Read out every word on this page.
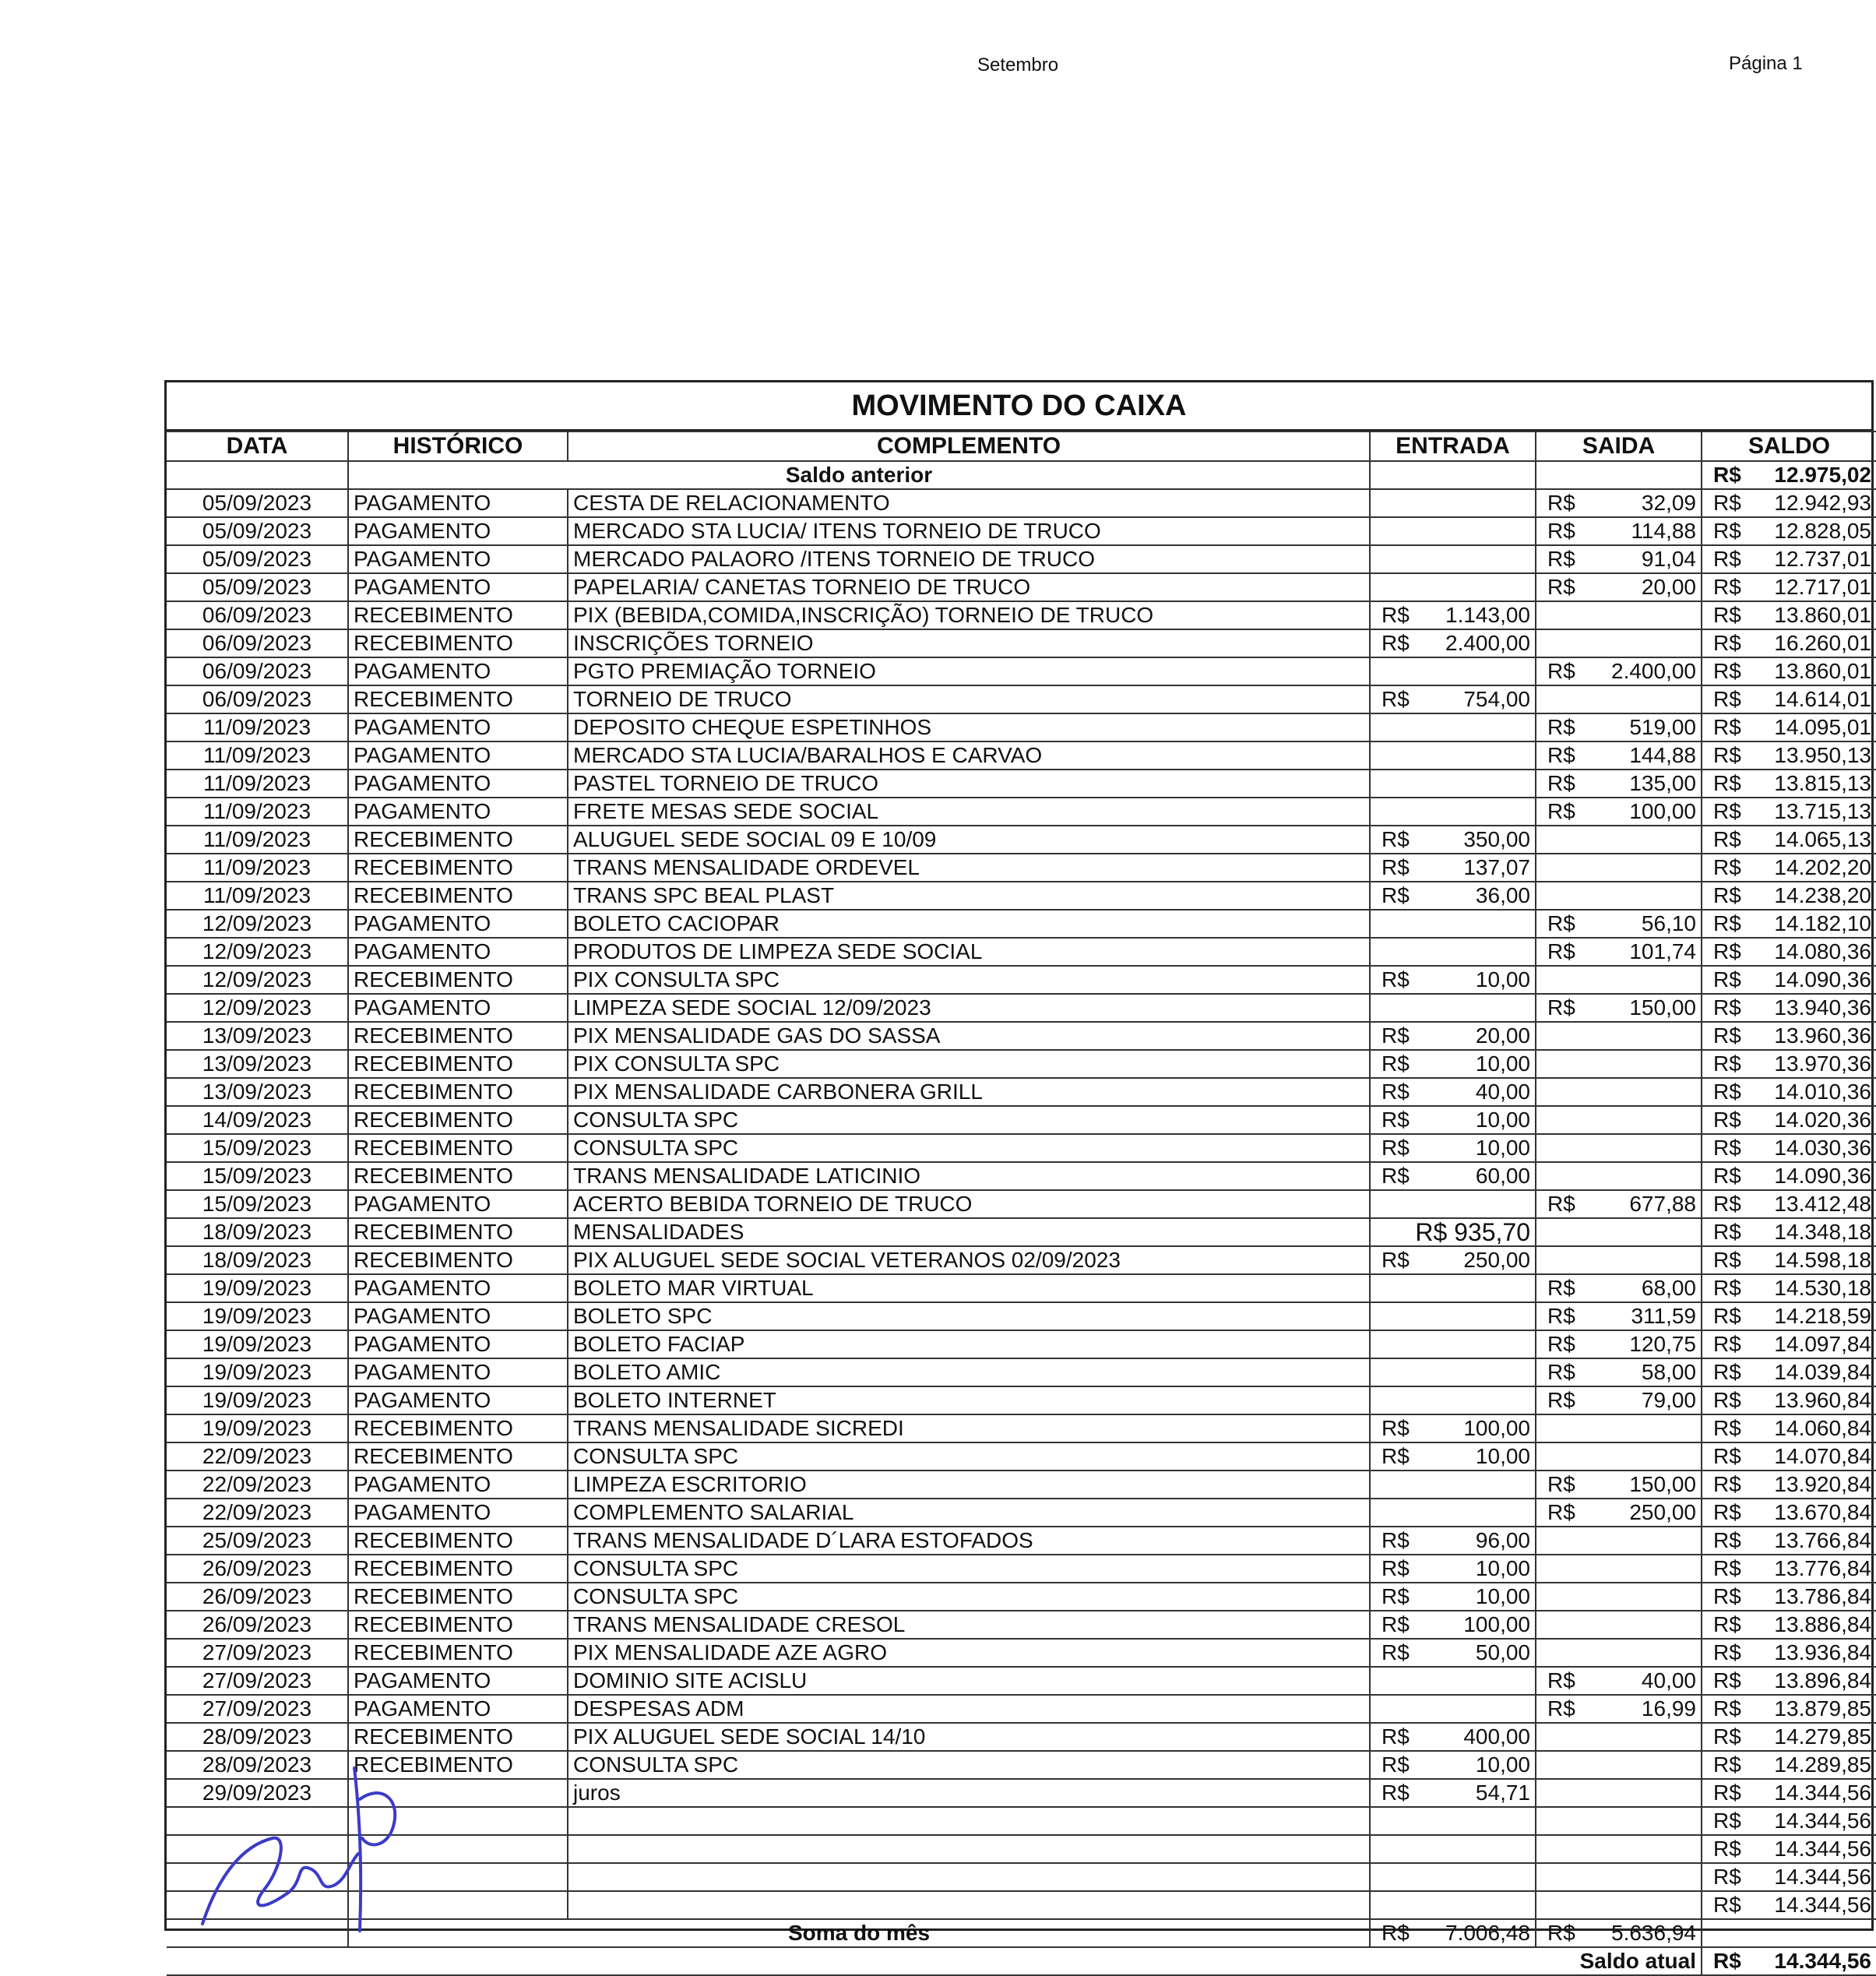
Setembro	Página 1
MOVIMENTO DO CAIXA
DATA	HISTÓRICO	COMPLEMENTO	ENTRADA	SAIDA	SALDO
	Saldo anterior				R$ 12.975,02

05/09/2023	PAGAMENTO	CESTA DE RELACIONAMENTO		R$ 32,09	R$ 12.942,93

05/09/2023	PAGAMENTO	MERCADO STA LUCIA/ ITENS TORNEIO DE TRUCO		R$ 114,88	R$ 12.828,05

05/09/2023	PAGAMENTO	MERCADO PALAORO /ITENS TORNEIO DE TRUCO		R$ 91,04	R$ 12.737,01

05/09/2023	PAGAMENTO	PAPELARIA/ CANETAS TORNEIO DE TRUCO		R$ 20,00	R$ 12.717,01

06/09/2023	RECEBIMENTO	PIX (BEBIDA,COMIDA,INSCRIÇÃO) TORNEIO DE TRUCO	R$ 1.143,00		R$ 13.860,01

06/09/2023	RECEBIMENTO	INSCRIÇÕES TORNEIO	R$ 2.400,00		R$ 16.260,01

06/09/2023	PAGAMENTO	PGTO PREMIAÇÃO TORNEIO		R$ 2.400,00	R$ 13.860,01

06/09/2023	RECEBIMENTO	TORNEIO DE TRUCO	R$ 754,00		R$ 14.614,01

11/09/2023	PAGAMENTO	DEPOSITO CHEQUE ESPETINHOS		R$ 519,00	R$ 14.095,01

11/09/2023	PAGAMENTO	MERCADO STA LUCIA/BARALHOS E CARVAO		R$ 144,88	R$ 13.950,13

11/09/2023	PAGAMENTO	PASTEL TORNEIO DE TRUCO		R$ 135,00	R$ 13.815,13

11/09/2023	PAGAMENTO	FRETE MESAS SEDE SOCIAL		R$ 100,00	R$ 13.715,13

11/09/2023	RECEBIMENTO	ALUGUEL SEDE SOCIAL 09 E 10/09	R$ 350,00		R$ 14.065,13

11/09/2023	RECEBIMENTO	TRANS MENSALIDADE ORDEVEL	R$ 137,07		R$ 14.202,20

11/09/2023	RECEBIMENTO	TRANS SPC BEAL PLAST	R$ 36,00		R$ 14.238,20

12/09/2023	PAGAMENTO	BOLETO CACIOPAR		R$ 56,10	R$ 14.182,10

12/09/2023	PAGAMENTO	PRODUTOS DE LIMPEZA SEDE SOCIAL		R$ 101,74	R$ 14.080,36

12/09/2023	RECEBIMENTO	PIX CONSULTA SPC	R$ 10,00		R$ 14.090,36

12/09/2023	PAGAMENTO	LIMPEZA SEDE SOCIAL 12/09/2023		R$ 150,00	R$ 13.940,36

13/09/2023	RECEBIMENTO	PIX MENSALIDADE GAS DO SASSA	R$ 20,00		R$ 13.960,36

13/09/2023	RECEBIMENTO	PIX CONSULTA SPC	R$ 10,00		R$ 13.970,36

13/09/2023	RECEBIMENTO	PIX MENSALIDADE CARBONERA GRILL	R$ 40,00		R$ 14.010,36

14/09/2023	RECEBIMENTO	CONSULTA SPC	R$ 10,00		R$ 14.020,36

15/09/2023	RECEBIMENTO	CONSULTA SPC	R$ 10,00		R$ 14.030,36

15/09/2023	RECEBIMENTO	TRANS MENSALIDADE LATICINIO	R$ 60,00		R$ 14.090,36

15/09/2023	PAGAMENTO	ACERTO BEBIDA TORNEIO DE TRUCO		R$ 677,88	R$ 13.412,48

18/09/2023	RECEBIMENTO	MENSALIDADES	R$ 935,70		R$ 14.348,18

18/09/2023	RECEBIMENTO	PIX ALUGUEL SEDE SOCIAL VETERANOS 02/09/2023	R$ 250,00		R$ 14.598,18

19/09/2023	PAGAMENTO	BOLETO MAR VIRTUAL		R$ 68,00	R$ 14.530,18

19/09/2023	PAGAMENTO	BOLETO SPC		R$ 311,59	R$ 14.218,59

19/09/2023	PAGAMENTO	BOLETO FACIAP		R$ 120,75	R$ 14.097,84

19/09/2023	PAGAMENTO	BOLETO AMIC		R$ 58,00	R$ 14.039,84

19/09/2023	PAGAMENTO	BOLETO INTERNET		R$ 79,00	R$ 13.960,84

19/09/2023	RECEBIMENTO	TRANS MENSALIDADE SICREDI	R$ 100,00		R$ 14.060,84

22/09/2023	RECEBIMENTO	CONSULTA SPC	R$ 10,00		R$ 14.070,84

22/09/2023	PAGAMENTO	LIMPEZA ESCRITORIO		R$ 150,00	R$ 13.920,84

22/09/2023	PAGAMENTO	COMPLEMENTO SALARIAL		R$ 250,00	R$ 13.670,84

25/09/2023	RECEBIMENTO	TRANS MENSALIDADE D´LARA ESTOFADOS	R$ 96,00		R$ 13.766,84

26/09/2023	RECEBIMENTO	CONSULTA SPC	R$ 10,00		R$ 13.776,84

26/09/2023	RECEBIMENTO	CONSULTA SPC	R$ 10,00		R$ 13.786,84

26/09/2023	RECEBIMENTO	TRANS MENSALIDADE CRESOL	R$ 100,00		R$ 13.886,84

27/09/2023	RECEBIMENTO	PIX MENSALIDADE AZE AGRO	R$ 50,00		R$ 13.936,84

27/09/2023	PAGAMENTO	DOMINIO SITE ACISLU		R$ 40,00	R$ 13.896,84

27/09/2023	PAGAMENTO	DESPESAS ADM		R$ 16,99	R$ 13.879,85

28/09/2023	RECEBIMENTO	PIX ALUGUEL SEDE SOCIAL 14/10	R$ 400,00		R$ 14.279,85

28/09/2023	RECEBIMENTO	CONSULTA SPC	R$ 10,00		R$ 14.289,85

29/09/2023		juros	R$ 54,71		R$ 14.344,56

					R$ 14.344,56

					R$ 14.344,56

					R$ 14.344,56

					R$ 14.344,56

	Soma do mês		R$ 7.006,48	R$ 5.636,94	

Saldo atual					R$ 14.344,56
